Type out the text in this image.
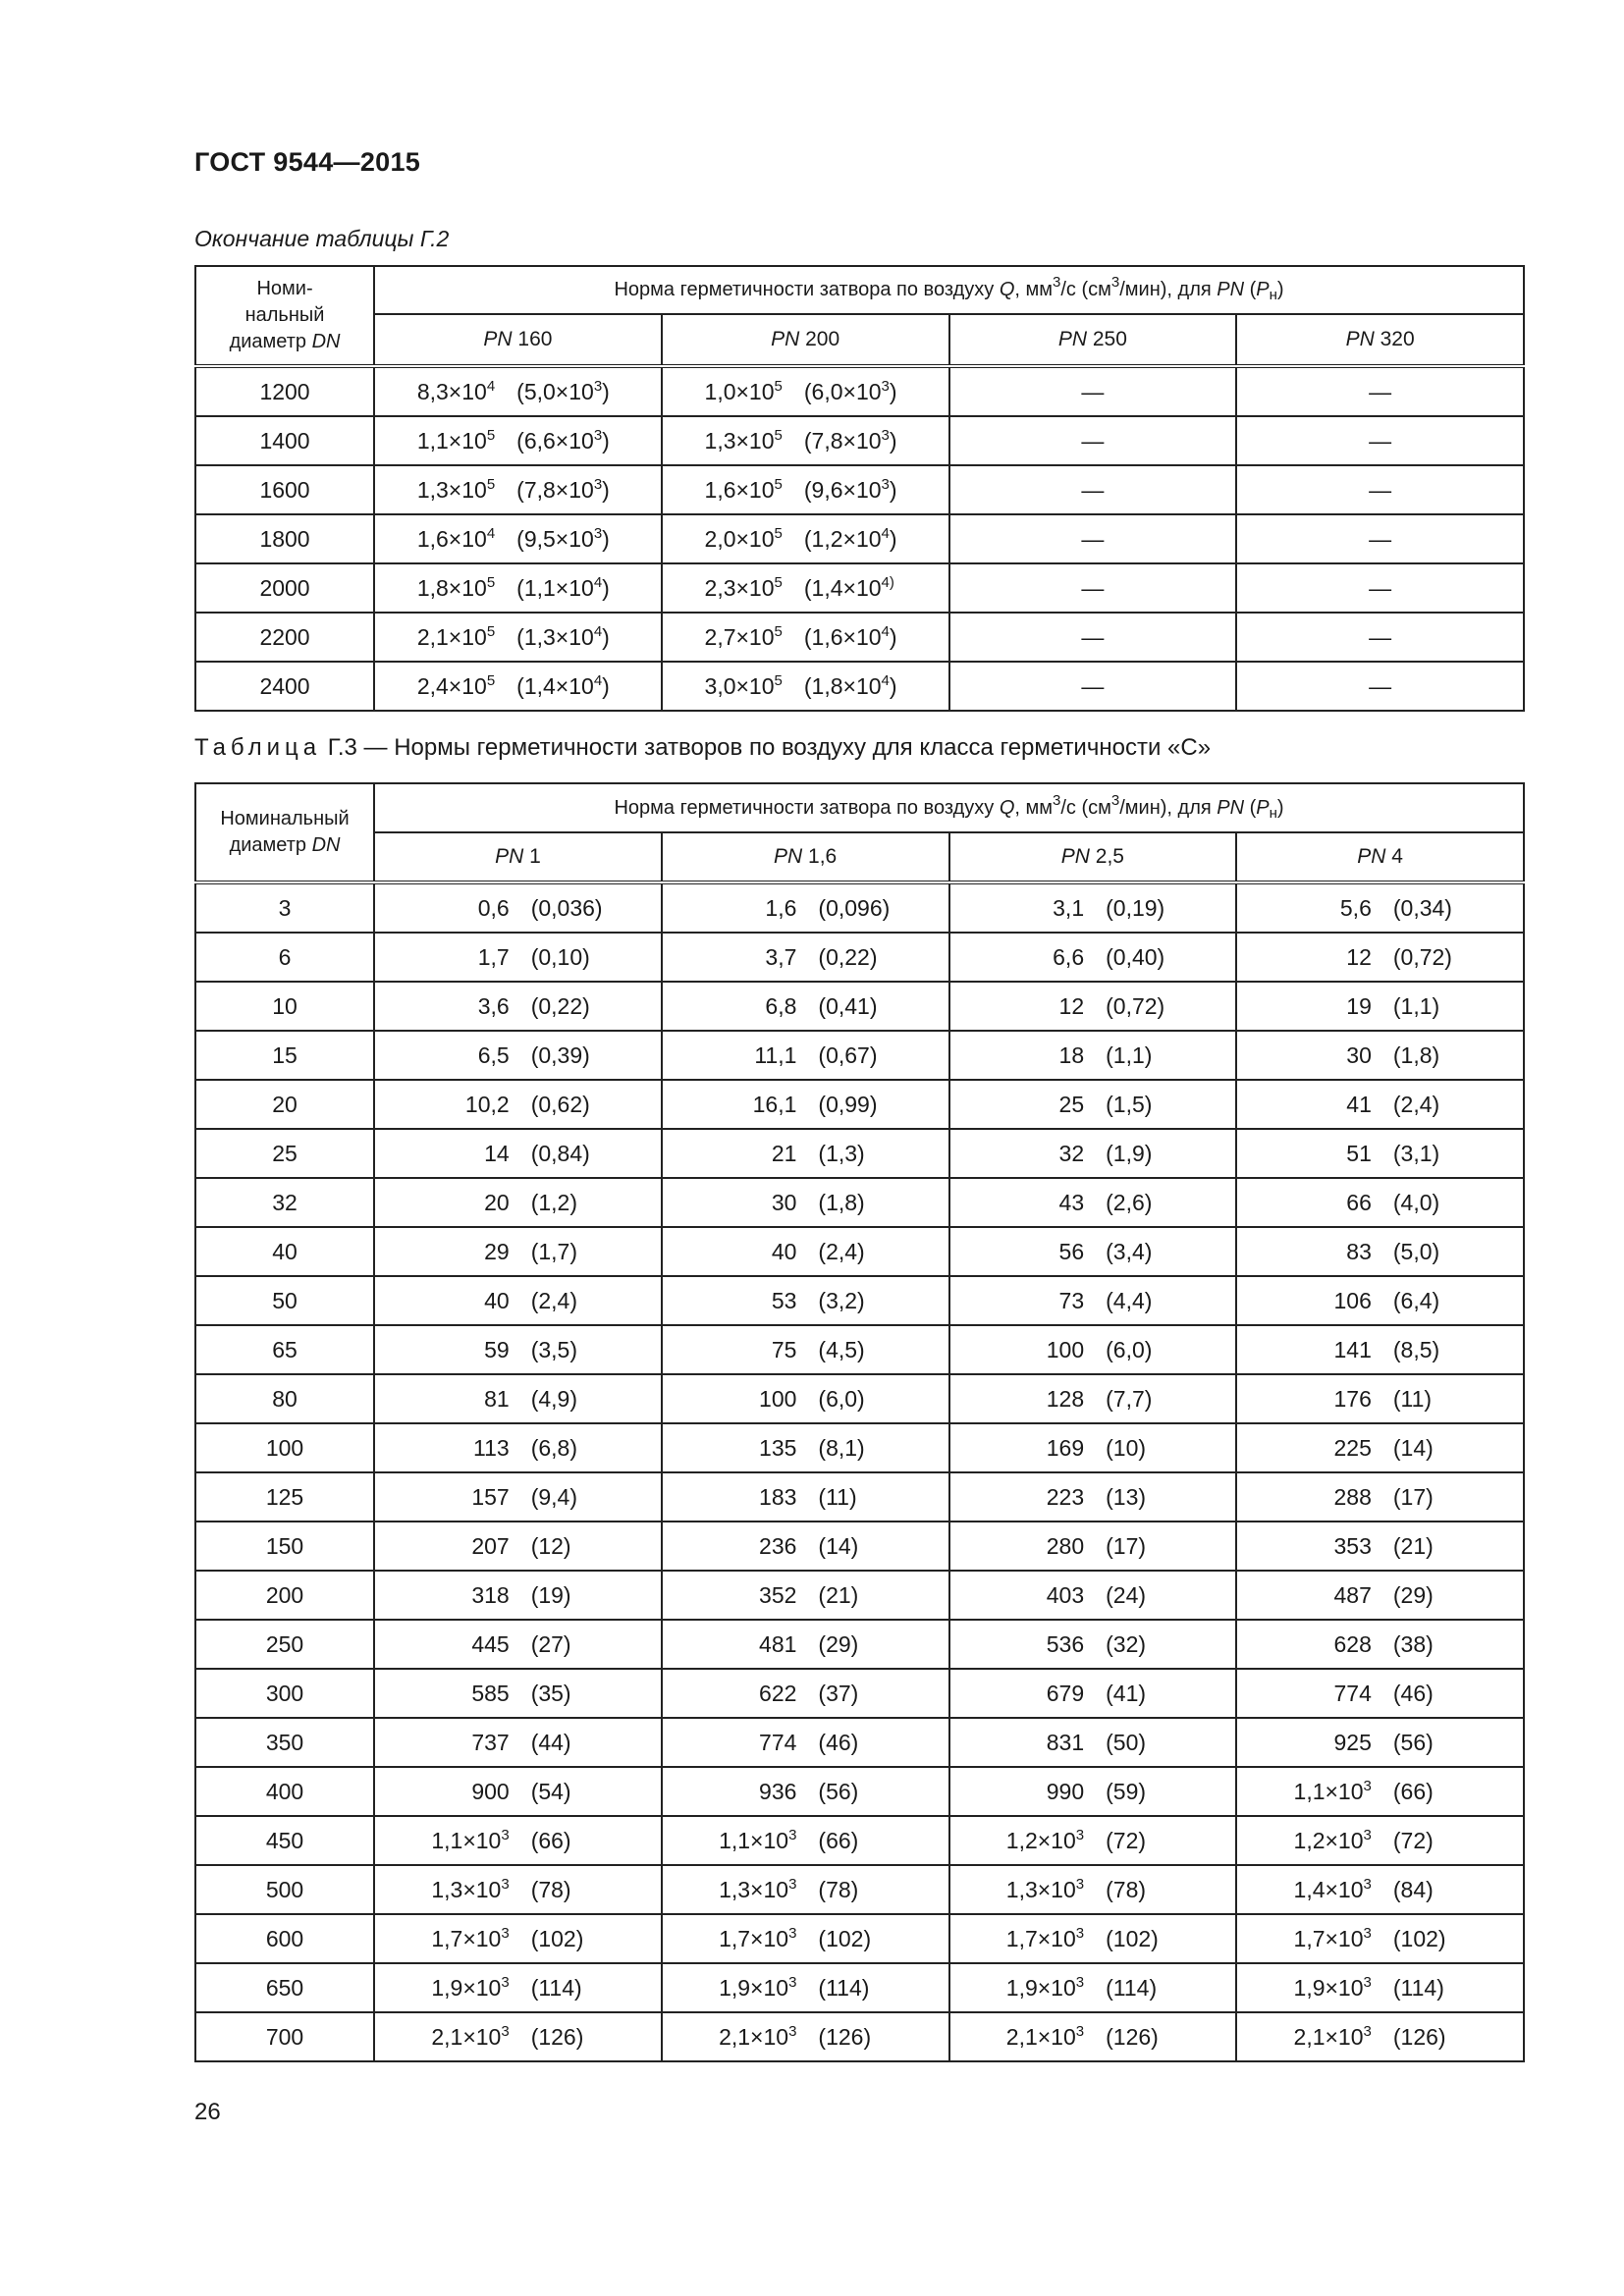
ГОСТ 9544—2015
Окончание таблицы Г.2
Номи-
нальный
диаметр DN	Норма герметичности затвора по воздуху Q, $мм^3/с$ $(см^3/мин)$, для PN $(P_н)$			
	PN 160	PN 200	PN 250	PN 320
1200	$8,3\times 10^4$ $(5,0\times 10^3)$	$1,0\times 10^5$ $(6,0\times 10^3)$	—	—
1400	$1,1\times 10^5$ $(6,6\times 10^3)$	$1,3\times 10^5$ $(7,8\times 10^3)$	—	—
1600	$1,3\times 10^5$ $(7,8\times 10^3)$	$1,6\times 10^5$ $(9,6\times 10^3)$	—	—
1800	$1,6\times 10^4$ $(9,5\times 10^3)$	$2,0\times 10^5$ $(1,2\times 10^4)$	—	—
2000	$1,8\times 10^5$ $(1,1\times 10^4)$	$2,3\times 10^5$ ($1,4\times 10^{4)}$	—	—
2200	$2,1\times 10^5$ $(1,3\times 10^4)$	$2,7\times 10^5$ $(1,6\times 10^4)$	—	—
2400	$2,4\times 10^5$ $(1,4\times 10^4)$	$3,0\times 10^5$ $(1,8\times 10^4)$	—	—
Таблица Г.3 — Нормы герметичности затворов по воздуху для класса герметичности «С»
Номинальный
диаметр DN	Норма герметичности затвора по воздуху Q, $мм^3/с$ $(см^3/мин)$, для PN $(P_н)$			
	PN 1	PN 1,6	PN 2,5	PN 4
3	0,6 (0,036)	1,6 (0,096)	3,1 (0,19)	5,6 (0,34)

6	1,7 (0,10)	3,7 (0,22)	6,6 (0,40)	12 (0,72)

10	3,6 (0,22)	6,8 (0,41)	12 (0,72)	19 (1,1)

15	6,5 (0,39)	11,1 (0,67)	18 (1,1)	30 (1,8)

20	10,2 (0,62)	16,1 (0,99)	25 (1,5)	41 (2,4)

25	14 (0,84)	21 (1,3)	32 (1,9)	51 (3,1)

32	20 (1,2)	30 (1,8)	43 (2,6)	66 (4,0)

40	29 (1,7)	40 (2,4)	56 (3,4)	83 (5,0)

50	40 (2,4)	53 (3,2)	73 (4,4)	106 (6,4)

65	59 (3,5)	75 (4,5)	100 (6,0)	141 (8,5)

80	81 (4,9)	100 (6,0)	128 (7,7)	176 (11)

100	113 (6,8)	135 (8,1)	169 (10)	225 (14)

125	157 (9,4)	183 (11)	223 (13)	288 (17)

150	207 (12)	236 (14)	280 (17)	353 (21)

200	318 (19)	352 (21)	403 (24)	487 (29)

250	445 (27)	481 (29)	536 (32)	628 (38)

300	585 (35)	622 (37)	679 (41)	774 (46)

350	737 (44)	774 (46)	831 (50)	925 (56)

400	900 (54)	936 (56)	990 (59)	$1,1\times 10^3$ (66)

450	$1,1\times 10^3$ (66)	$1,1\times 10^3$ (66)	$1,2\times 10^3$ (72)	$1,2\times 10^3$ (72)

500	$1,3\times 10^3$ (78)	$1,3\times 10^3$ (78)	$1,3\times 10^3$ (78)	$1,4\times 10^3$ (84)

600	$1,7\times 10^3$ (102)	$1,7\times 10^3$ (102)	$1,7\times 10^3$ (102)	$1,7\times 10^3$ (102)

650	$1,9\times 10^3$ (114)	$1,9\times 10^3$ (114)	$1,9\times 10^3$ (114)	$1,9\times 10^3$ (114)

700	$2,1\times 10^3$ (126)	$2,1\times 10^3$ (126)	$2,1\times 10^3$ (126)	$2,1\times 10^3$ (126)
26
